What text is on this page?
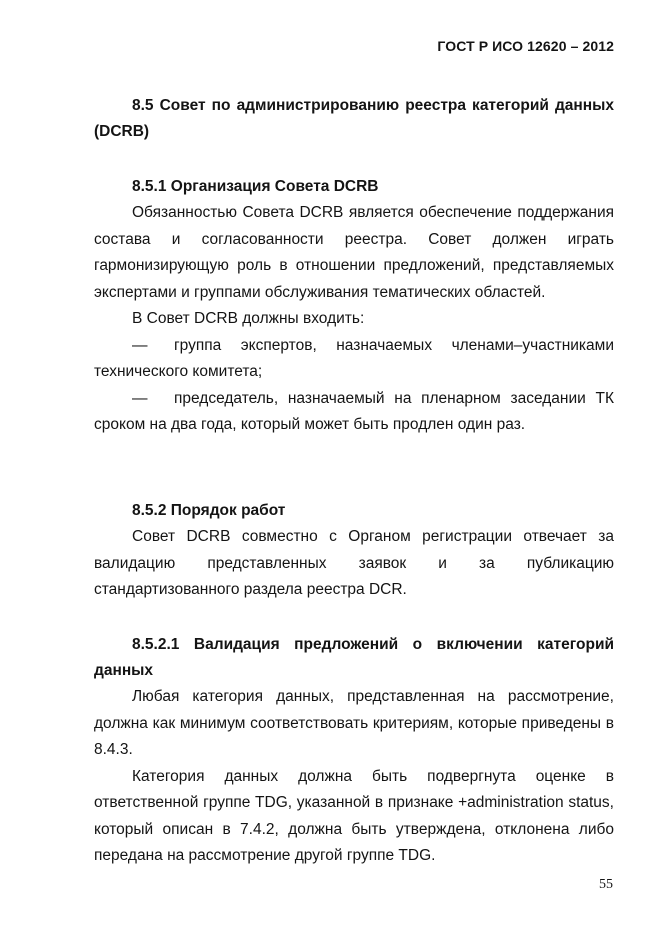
ГОСТ Р ИСО 12620 – 2012
8.5 Совет по администрированию реестра категорий данных (DCRB)
8.5.1 Организация Совета DCRB

Обязанностью Совета DCRB является обеспечение поддержания состава и согласованности реестра. Совет должен играть гармонизирующую роль в отношении предложений, представляемых экспертами и группами обслуживания тематических областей.

В Совет DCRB должны входить:

— группа экспертов, назначаемых членами–участниками технического комитета;

— председатель, назначаемый на пленарном заседании ТК сроком на два года, который может быть продлен один раз.

8.5.2 Порядок работ

Совет DCRB совместно с Органом регистрации отвечает за валидацию представленных заявок и за публикацию стандартизованного раздела реестра DCR.

8.5.2.1 Валидация предложений о включении категорий данных

Любая категория данных, представленная на рассмотрение, должна как минимум соответствовать критериям, которые приведены в 8.4.3.

Категория данных должна быть подвергнута оценке в ответственной группе TDG, указанной в признаке +administration status, который описан в 7.4.2, должна быть утверждена, отклонена либо передана на рассмотрение другой группе TDG.

55
